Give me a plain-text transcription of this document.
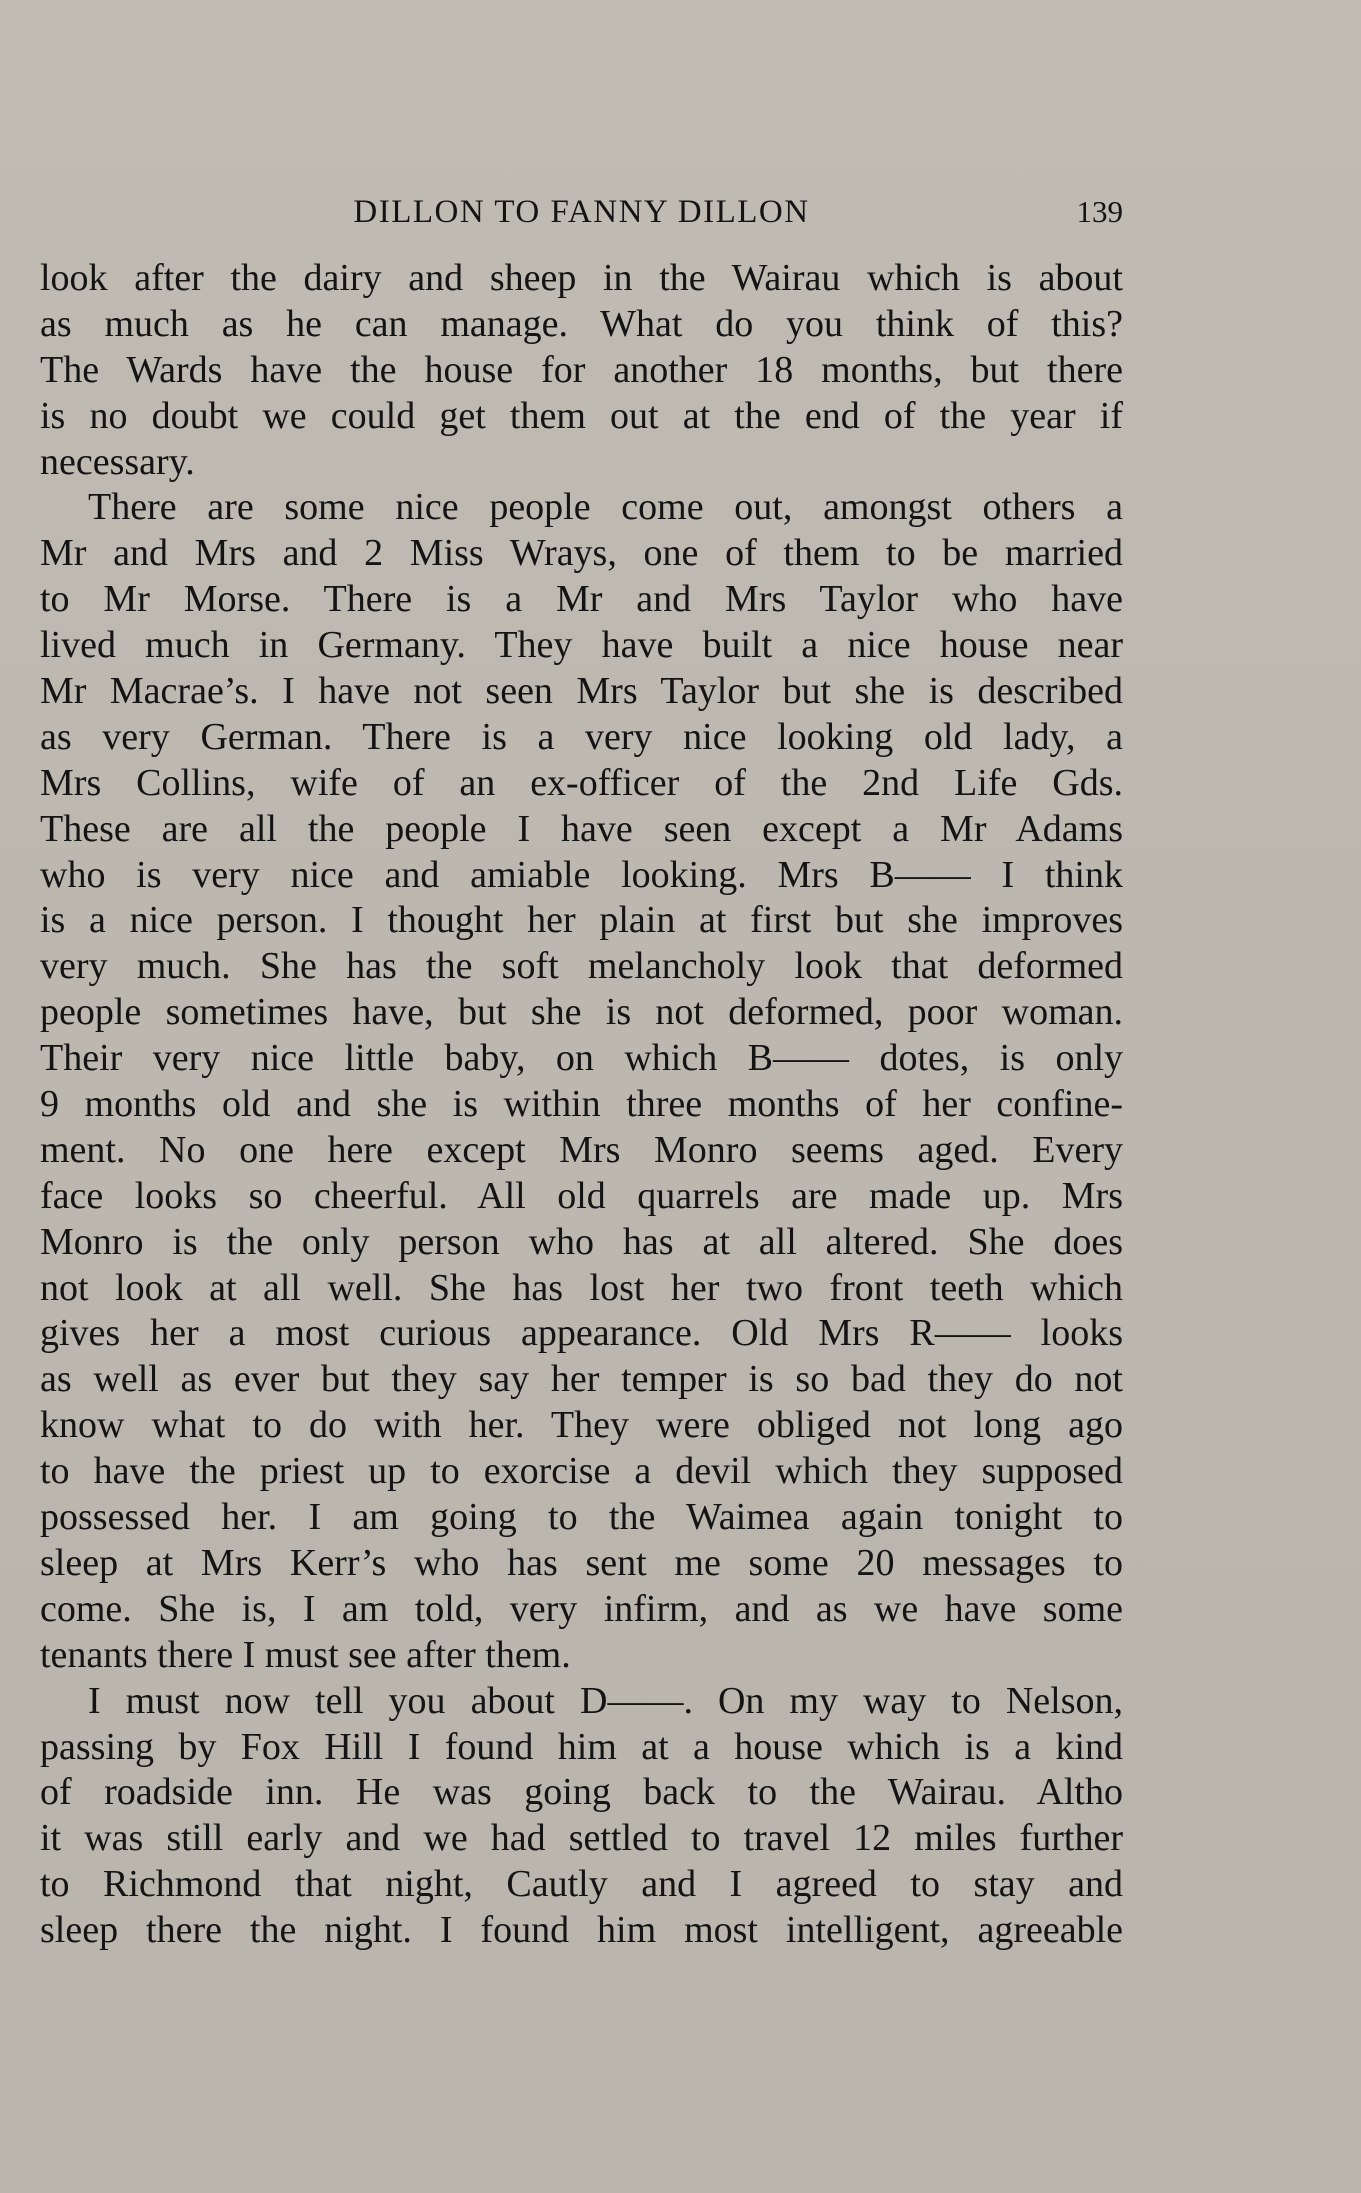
DILLON TO FANNY DILLON	139
look after the dairy and sheep in the Wairau which is about
as much as he can manage. What do you think of this?
The Wards have the house for another 18 months, but there
is no doubt we could get them out at the end of the year if
necessary.
There are some nice people come out, amongst others a
Mr and Mrs and 2 Miss Wrays, one of them to be married
to Mr Morse. There is a Mr and Mrs Taylor who have
lived much in Germany. They have built a nice house near
Mr Macrae’s. I have not seen Mrs Taylor but she is described
as very German. There is a very nice looking old lady, a
Mrs Collins, wife of an ex-officer of the 2nd Life Gds.
These are all the people I have seen except a Mr Adams
who is very nice and amiable looking. Mrs B—— I think
is a nice person. I thought her plain at first but she improves
very much. She has the soft melancholy look that deformed
people sometimes have, but she is not deformed, poor woman.
Their very nice little baby, on which B—— dotes, is only
9 months old and she is within three months of her confine-
ment. No one here except Mrs Monro seems aged. Every
face looks so cheerful. All old quarrels are made up. Mrs
Monro is the only person who has at all altered. She does
not look at all well. She has lost her two front teeth which
gives her a most curious appearance. Old Mrs R—— looks
as well as ever but they say her temper is so bad they do not
know what to do with her. They were obliged not long ago
to have the priest up to exorcise a devil which they supposed
possessed her. I am going to the Waimea again tonight to
sleep at Mrs Kerr’s who has sent me some 20 messages to
come. She is, I am told, very infirm, and as we have some
tenants there I must see after them.
I must now tell you about D——. On my way to Nelson,
passing by Fox Hill I found him at a house which is a kind
of roadside inn. He was going back to the Wairau. Altho
it was still early and we had settled to travel 12 miles further
to Richmond that night, Cautly and I agreed to stay and
sleep there the night. I found him most intelligent, agreeable
